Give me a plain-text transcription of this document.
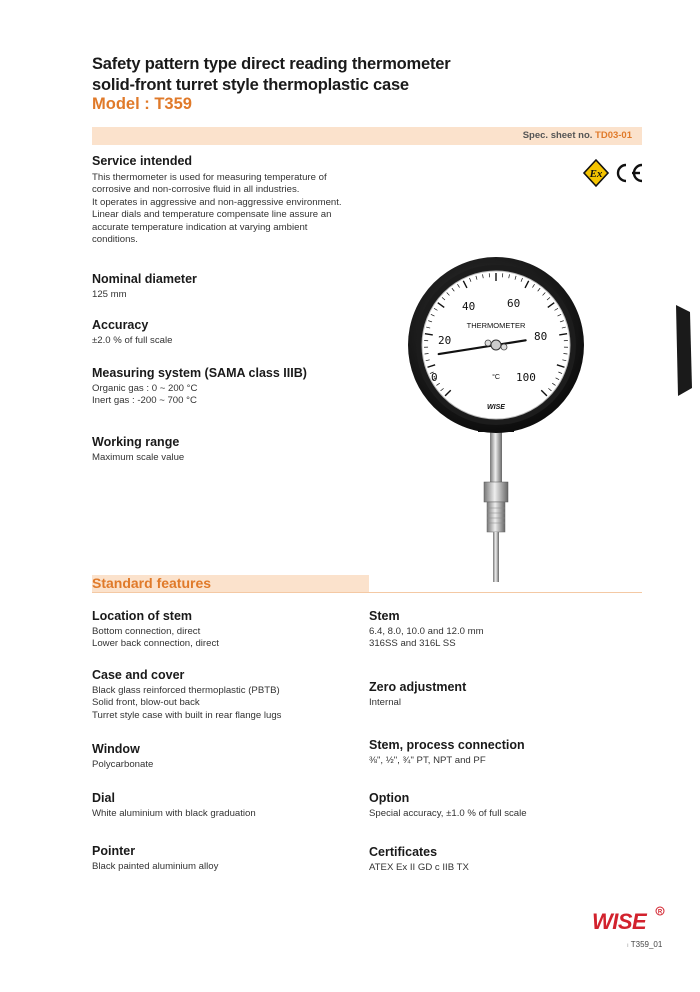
Safety pattern type direct reading thermometer
solid-front turret style thermoplastic case
Model : T359
Spec. sheet no. TD03-01
Ex
Service intended
This thermometer is used for measuring temperature of
corrosive and non-corrosive fluid in all industries.
It operates in aggressive and non-aggressive environment.
Linear dials and temperature compensate line assure an
accurate temperature indication at varying ambient
conditions.
Nominal diameter
125 mm
Accuracy
±2.0 % of full scale
Measuring system (SAMA class IIIB)
Organic gas : 0 ~ 200 °C
Inert gas : -200 ~ 700 °C
Working range
Maximum scale value
0
20
40	60
80
100
THERMOMETER
°C
WISE
Standard features
Location of stem
Bottom connection, direct
Lower back connection, direct
Case and cover
Black glass reinforced thermoplastic (PBTB)
Solid front, blow-out back
Turret style case with built in rear flange lugs
Window
Polycarbonate
Dial
White aluminium with black graduation
Pointer
Black painted aluminium alloy
Stem
6.4, 8.0, 10.0 and 12.0 mm
316SS and 316L SS
Zero adjustment
Internal
Stem, process connection
⅜", ½", ¾" PT, NPT and PF
Option
Special accuracy, ±1.0 % of full scale
Certificates
ATEX Ex II GD c IIB TX
WISE	R
ı T359_01
